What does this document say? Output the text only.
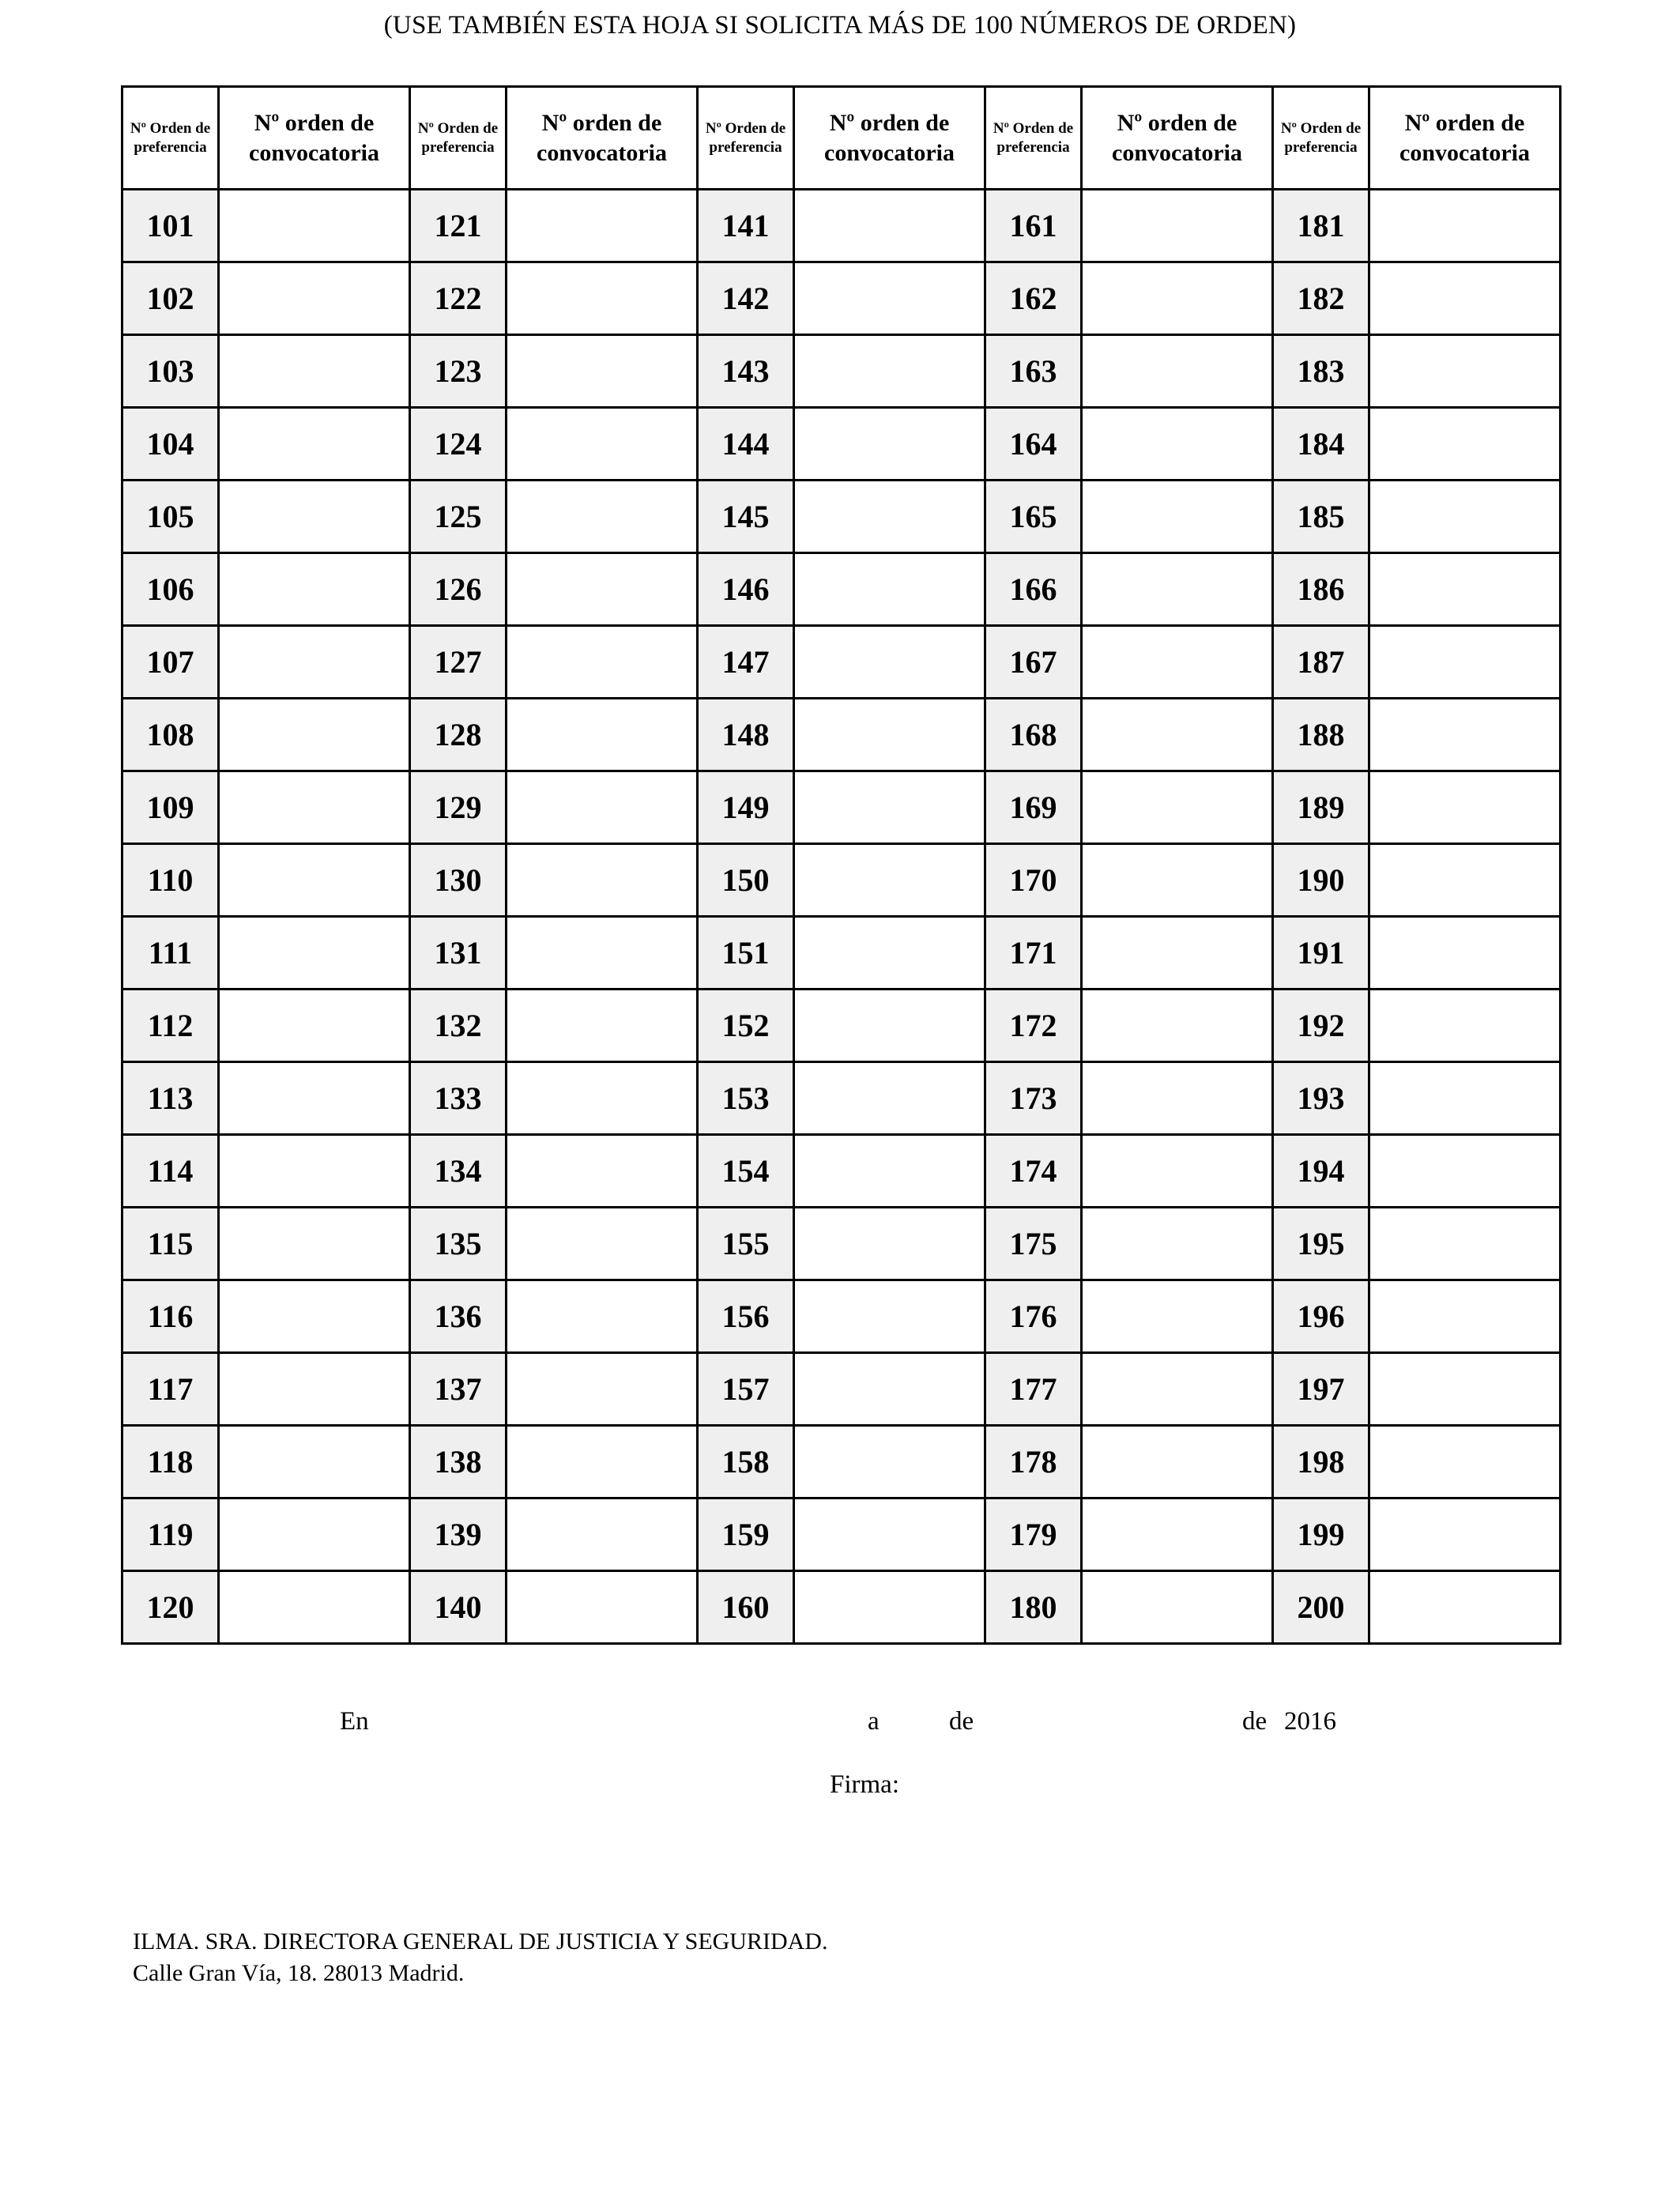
(USE TAMBIÉN ESTA HOJA SI SOLICITA MÁS DE 100 NÚMEROS DE ORDEN)
Nº Orden de preferencia	Nº orden de convocatoria	Nº Orden de preferencia	Nº orden de convocatoria	Nº Orden de preferencia	Nº orden de convocatoria	Nº Orden de preferencia	Nº orden de convocatoria	Nº Orden de preferencia	Nº orden de convocatoria
101		121		141		161		181	
102		122		142		162		182	
103		123		143		163		183	
104		124		144		164		184	
105		125		145		165		185	
106		126		146		166		186	
107		127		147		167		187	
108		128		148		168		188	
109		129		149		169		189	
110		130		150		170		190	
111		131		151		171		191	
112		132		152		172		192	
113		133		153		173		193	
114		134		154		174		194	
115		135		155		175		195	
116		136		156		176		196	
117		137		157		177		197	
118		138		158		178		198	
119		139		159		179		199	
120		140		160		180		200	
En	a	de	de 2016
Firma:
ILMA. SRA. DIRECTORA GENERAL DE JUSTICIA Y SEGURIDAD.
Calle Gran Vía, 18. 28013 Madrid.
